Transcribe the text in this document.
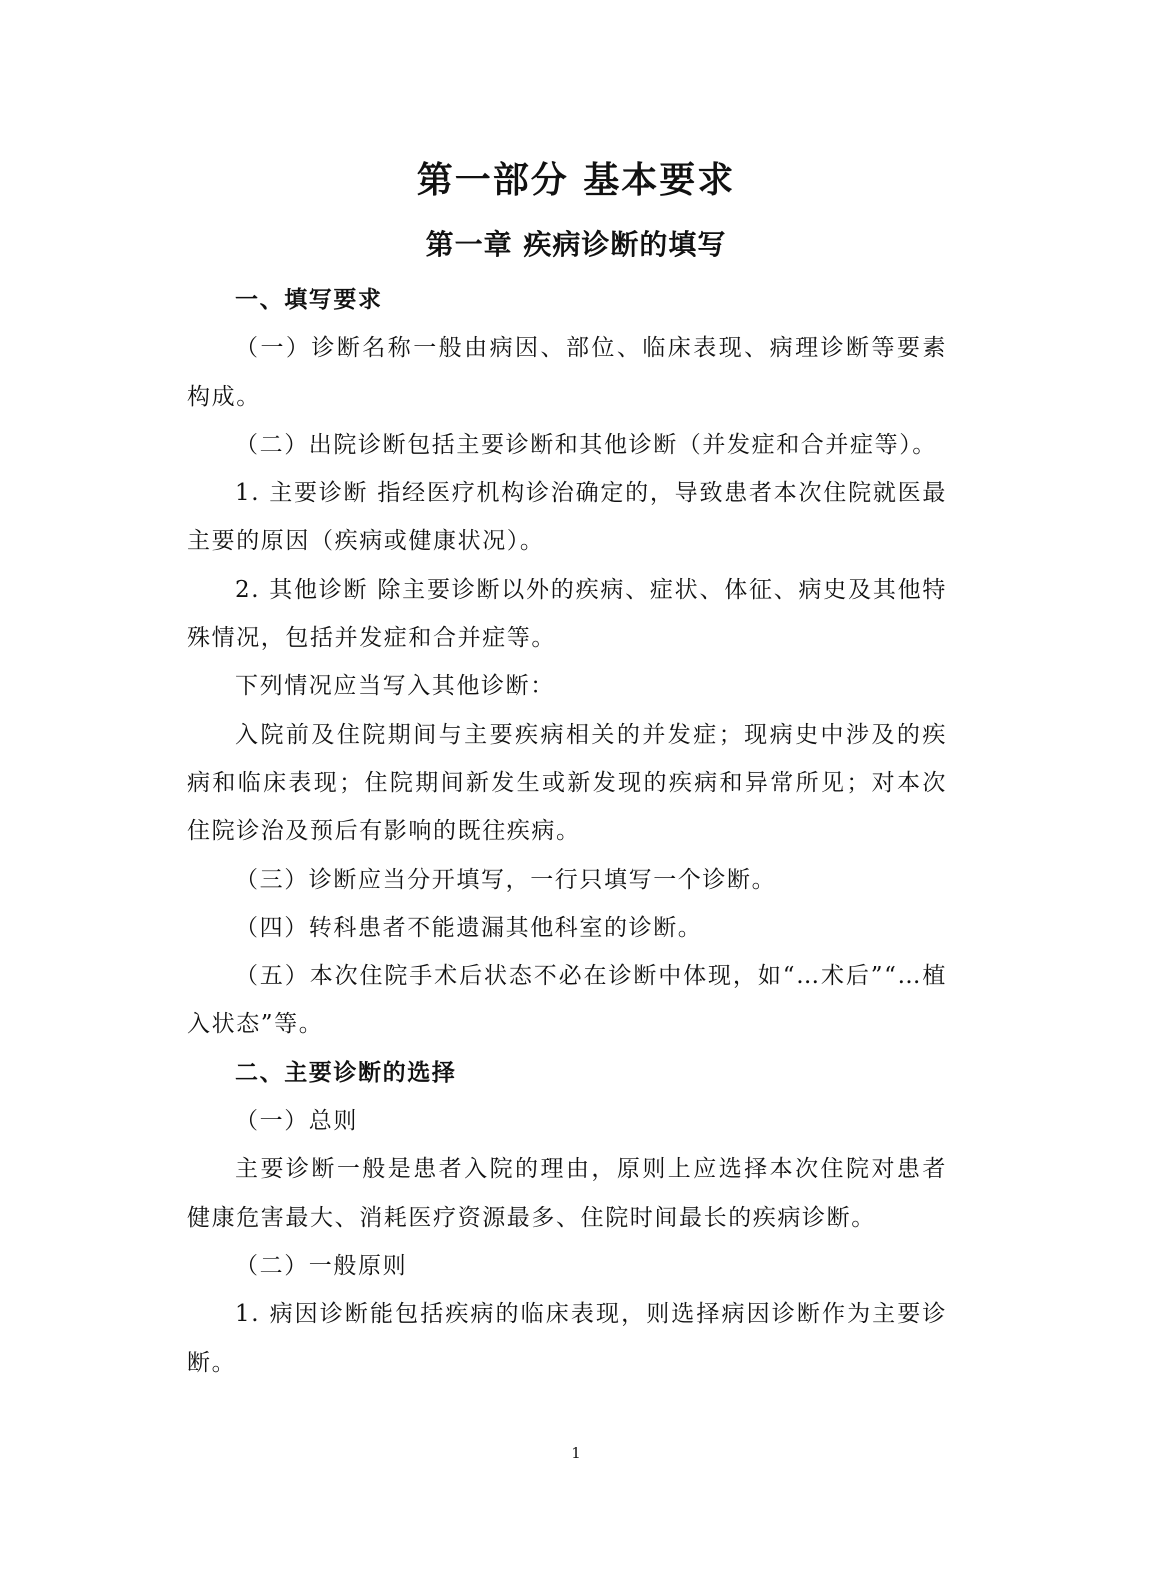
第一部分 基本要求
第一章 疾病诊断的填写

一、填写要求

（一）诊断名称一般由病因、部位、临床表现、病理诊断等要素构成。

（二）出院诊断包括主要诊断和其他诊断（并发症和合并症等）。

1. 主要诊断 指经医疗机构诊治确定的，导致患者本次住院就医最主要的原因（疾病或健康状况）。

2. 其他诊断 除主要诊断以外的疾病、症状、体征、病史及其他特殊情况，包括并发症和合并症等。

下列情况应当写入其他诊断：

入院前及住院期间与主要疾病相关的并发症；现病史中涉及的疾病和临床表现；住院期间新发生或新发现的疾病和异常所见；对本次住院诊治及预后有影响的既往疾病。

（三）诊断应当分开填写，一行只填写一个诊断。

（四）转科患者不能遗漏其他科室的诊断。

（五）本次住院手术后状态不必在诊断中体现，如“…术后”“…植入状态”等。

二、主要诊断的选择

（一）总则

主要诊断一般是患者入院的理由，原则上应选择本次住院对患者健康危害最大、消耗医疗资源最多、住院时间最长的疾病诊断。

（二）一般原则

1. 病因诊断能包括疾病的临床表现，则选择病因诊断作为主要诊断。

1
